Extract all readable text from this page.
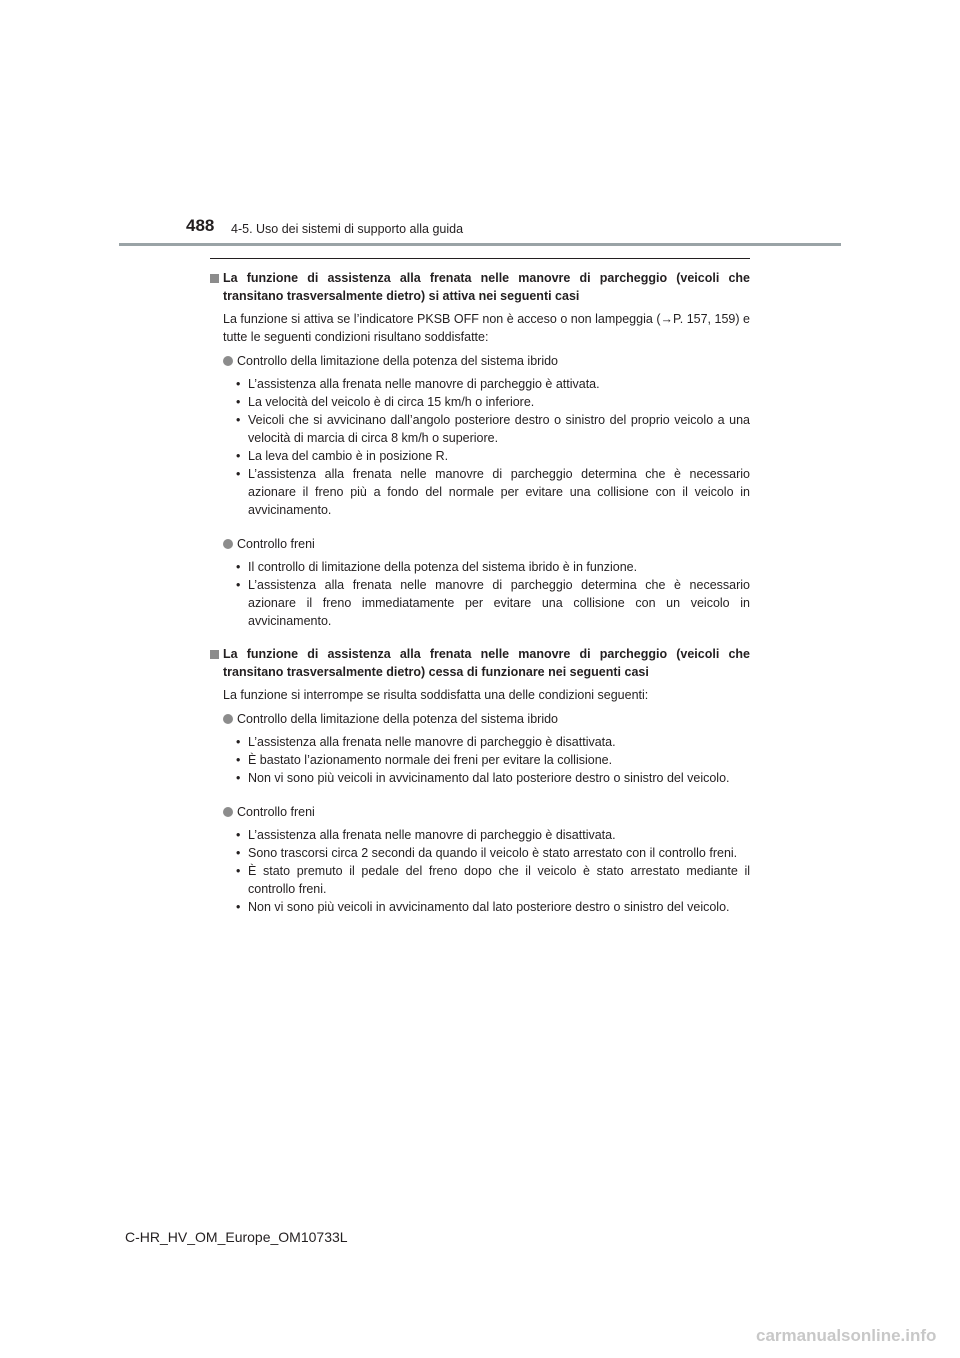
488 4-5. Uso dei sistemi di supporto alla guida
La funzione di assistenza alla frenata nelle manovre di parcheggio (veicoli che transitano trasversalmente dietro) si attiva nei seguenti casi
La funzione si attiva se l’indicatore PKSB OFF non è acceso o non lampeggia (→P. 157, 159) e tutte le seguenti condizioni risultano soddisfatte:
Controllo della limitazione della potenza del sistema ibrido
• L’assistenza alla frenata nelle manovre di parcheggio è attivata.
• La velocità del veicolo è di circa 15 km/h o inferiore.
• Veicoli che si avvicinano dall’angolo posteriore destro o sinistro del proprio veicolo a una velocità di marcia di circa 8 km/h o superiore.
• La leva del cambio è in posizione R.
• L’assistenza alla frenata nelle manovre di parcheggio determina che è necessario azionare il freno più a fondo del normale per evitare una collisione con il veicolo in avvicinamento.
Controllo freni
• Il controllo di limitazione della potenza del sistema ibrido è in funzione.
• L’assistenza alla frenata nelle manovre di parcheggio determina che è necessario azionare il freno immediatamente per evitare una collisione con un veicolo in avvicinamento.
La funzione di assistenza alla frenata nelle manovre di parcheggio (veicoli che transitano trasversalmente dietro) cessa di funzionare nei seguenti casi
La funzione si interrompe se risulta soddisfatta una delle condizioni seguenti:
Controllo della limitazione della potenza del sistema ibrido
• L’assistenza alla frenata nelle manovre di parcheggio è disattivata.
• È bastato l’azionamento normale dei freni per evitare la collisione.
• Non vi sono più veicoli in avvicinamento dal lato posteriore destro o sinistro del veicolo.
Controllo freni
• L’assistenza alla frenata nelle manovre di parcheggio è disattivata.
• Sono trascorsi circa 2 secondi da quando il veicolo è stato arrestato con il controllo freni.
• È stato premuto il pedale del freno dopo che il veicolo è stato arrestato mediante il controllo freni.
• Non vi sono più veicoli in avvicinamento dal lato posteriore destro o sinistro del veicolo.
C-HR_HV_OM_Europe_OM10733L
carmanualsonline.info
